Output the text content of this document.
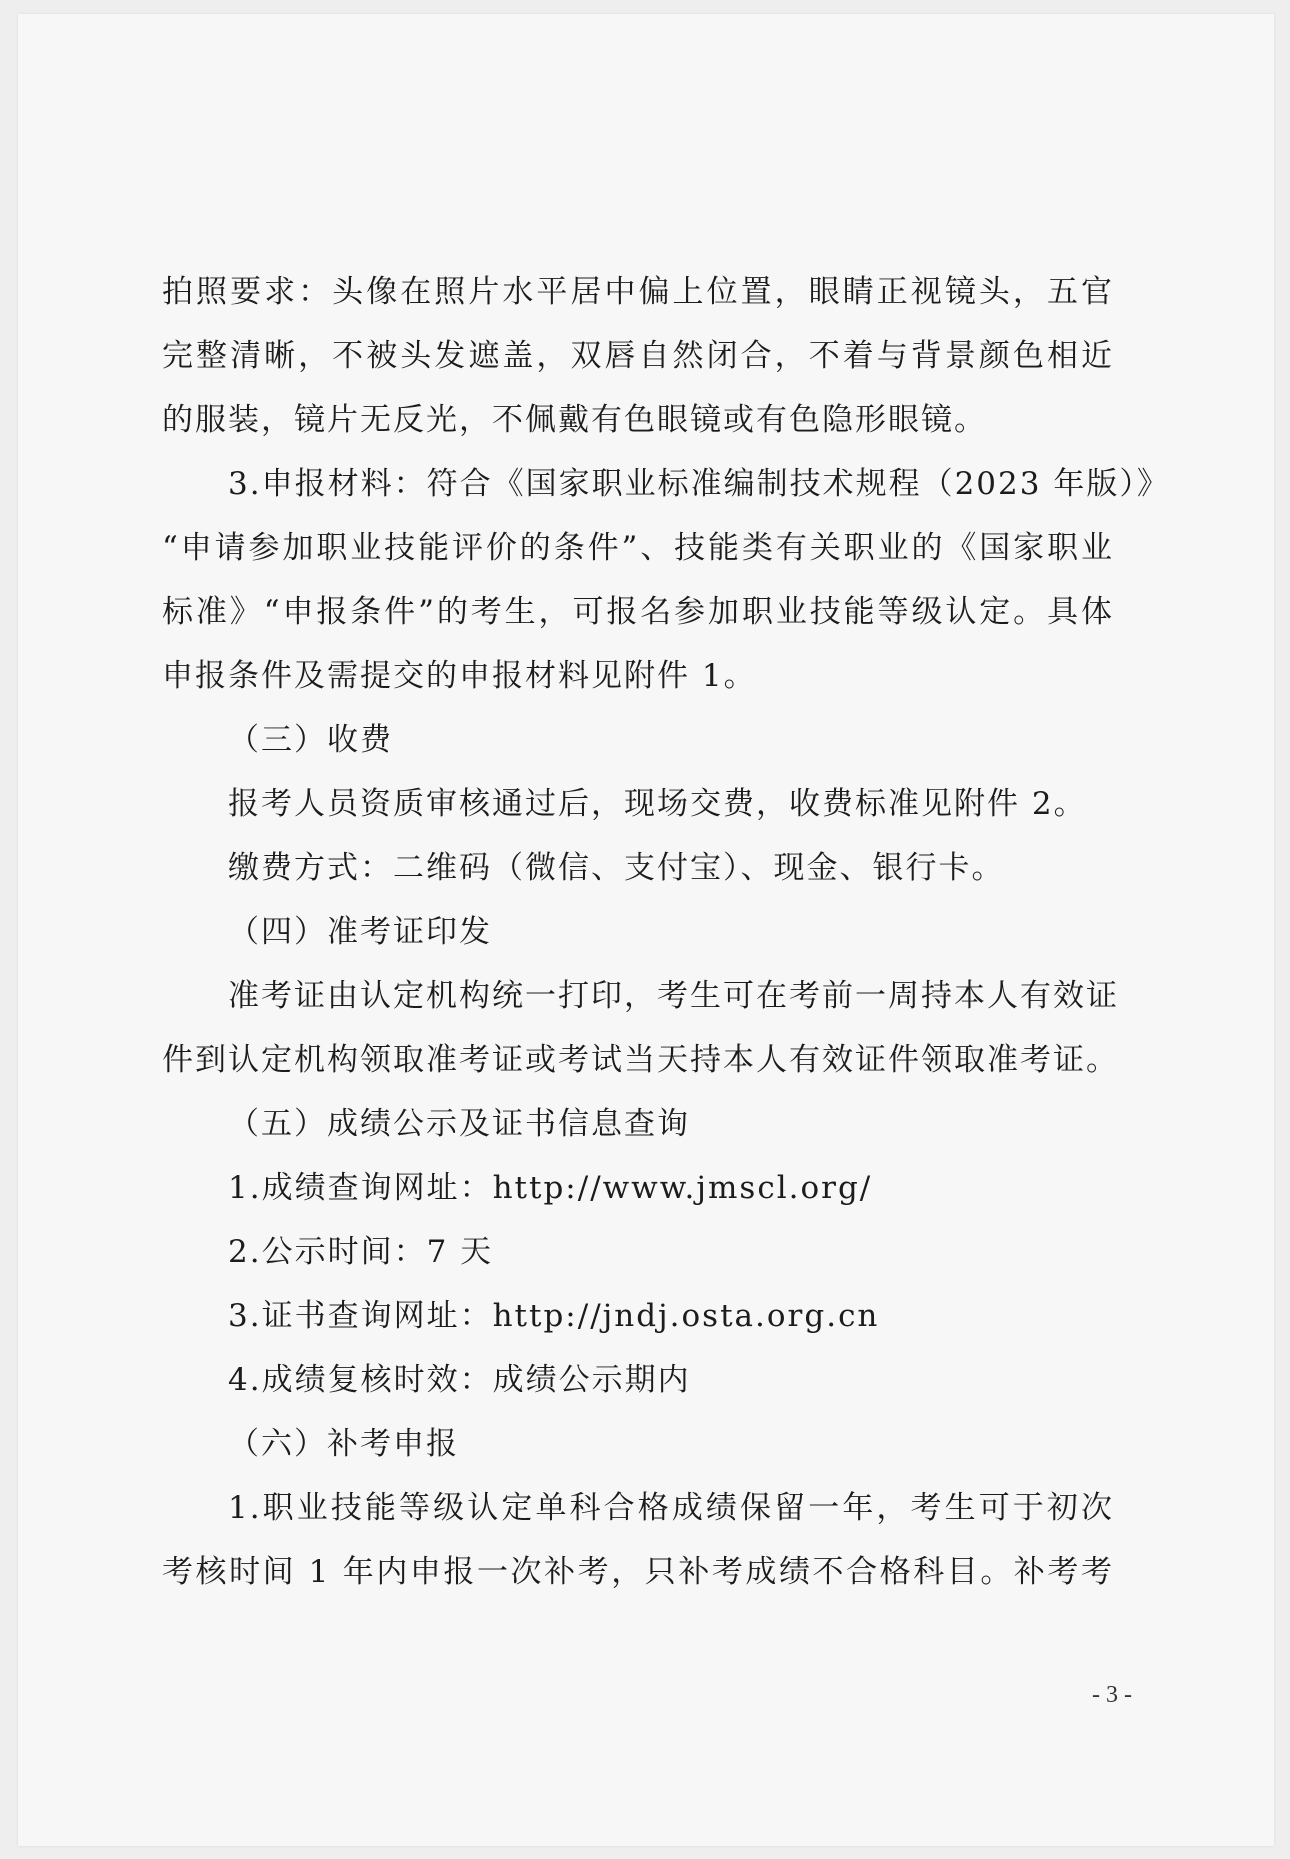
拍照要求：头像在照片水平居中偏上位置，眼睛正视镜头，五官
完整清晰，不被头发遮盖，双唇自然闭合，不着与背景颜色相近
的服装，镜片无反光，不佩戴有色眼镜或有色隐形眼镜。
3.申报材料：符合《国家职业标准编制技术规程（2023 年版）》
“申请参加职业技能评价的条件”、技能类有关职业的《国家职业
标准》“申报条件”的考生，可报名参加职业技能等级认定。具体
申报条件及需提交的申报材料见附件 1。
（三）收费
报考人员资质审核通过后，现场交费，收费标准见附件 2。
缴费方式：二维码（微信、支付宝）、现金、银行卡。
（四）准考证印发
准考证由认定机构统一打印，考生可在考前一周持本人有效证
件到认定机构领取准考证或考试当天持本人有效证件领取准考证。
（五）成绩公示及证书信息查询
1.成绩查询网址：http://www.jmscl.org/
2.公示时间：7 天
3.证书查询网址：http://jndj.osta.org.cn
4.成绩复核时效：成绩公示期内
（六）补考申报
1.职业技能等级认定单科合格成绩保留一年，考生可于初次
考核时间 1 年内申报一次补考，只补考成绩不合格科目。补考考
- 3 -
